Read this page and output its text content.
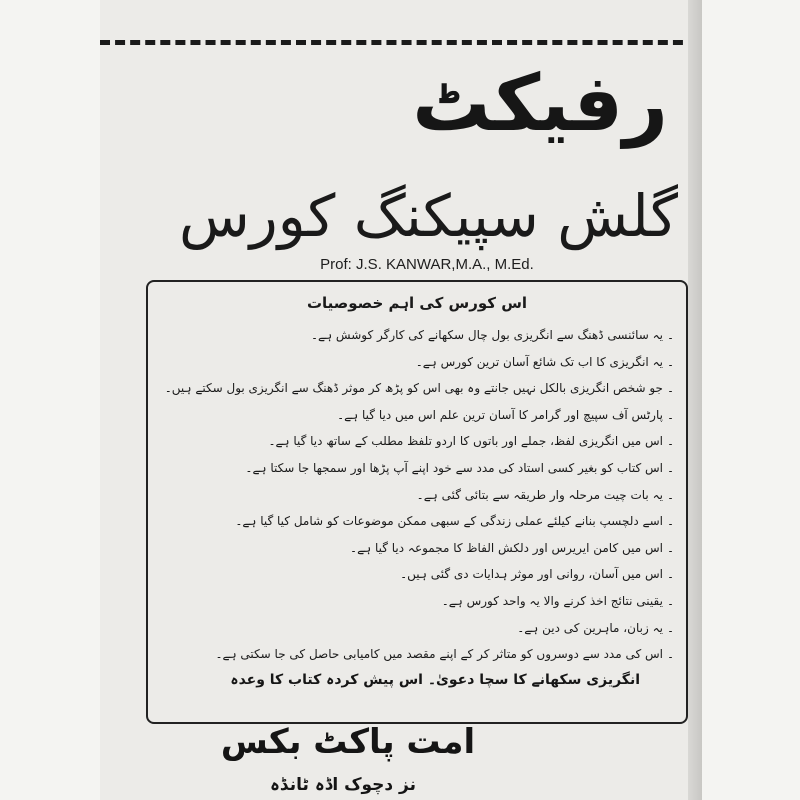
رفیکٹ
گلش سپیکنگ کورس
Prof: J.S. KANWAR,M.A., M.Ed.
اس کورس کی اہم خصوصیات
۔یہ سائنسی ڈھنگ سے انگریزی بول چال سکھانے کی کارگر کوشش ہے۔
۔یہ انگریزی کا اب تک شائع آسان ترین کورس ہے۔
۔جو شخص انگریزی بالکل نہیں جانتے وہ بھی اس کو پڑھ کر موثر ڈھنگ سے انگریزی بول سکتے ہیں۔
۔پارٹس آف سپیچ اور گرامر کا آسان ترین علم اس میں دیا گیا ہے۔
۔اس میں انگریزی لفظ، جملے اور باتوں کا اردو تلفظ مطلب کے ساتھ دیا گیا ہے۔
۔اس کتاب کو بغیر کسی استاد کی مدد سے خود اپنے آپ پڑھا اور سمجھا جا سکتا ہے۔
۔یہ بات چیت مرحلہ وار طریقہ سے بتائی گئی ہے۔
۔اسے دلچسپ بنانے کیلئے عملی زندگی کے سبھی ممکن موضوعات کو شامل کیا گیا ہے۔
۔اس میں کامن ایریرس اور دلکش الفاظ کا مجموعہ دیا گیا ہے۔
۔اس میں آسان، روانی اور موثر ہدایات دی گئی ہیں۔
۔یقینی نتائج اخذ کرنے والا یہ واحد کورس ہے۔
۔یہ زبان، ماہرین کی دین ہے۔
۔اس کی مدد سے دوسروں کو متاثر کر کے اپنے مقصد میں کامیابی حاصل کی جا سکتی ہے۔
انگریزی سکھانے کا سچا دعویٰ۔ اس پیش کردہ کتاب کا وعدہ
امت پاکٹ بکس
نز دچوک اڈہ ٹانڈہ
